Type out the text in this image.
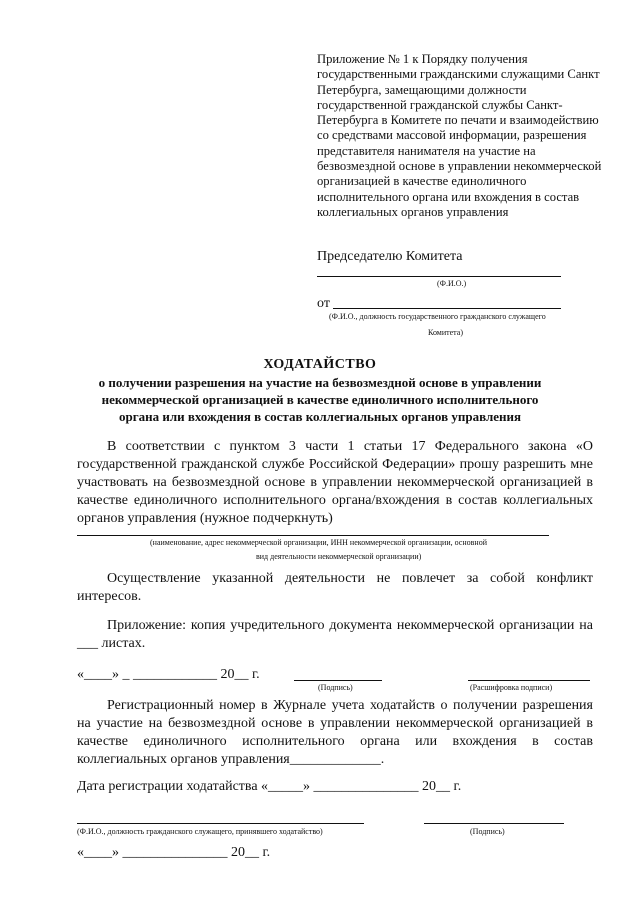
Приложение № 1 к Порядку получения государственными гражданскими служащими Санкт Петербурга, замещающими должности государственной гражданской службы Санкт-Петербурга в Комитете по печати и взаимодействию со средствами массовой информации, разрешения представителя нанимателя на участие на безвозмездной основе в управлении некоммерческой организацией в качестве единоличного исполнительного органа или вхождения в состав коллегиальных органов управления
Председателю Комитета
(Ф.И.О.)
от
(Ф.И.О., должность государственного гражданского служащего
Комитета)
ХОДАТАЙСТВО
о получении разрешения на участие на безвозмездной основе в управлении
некоммерческой организацией в качестве единоличного исполнительного
органа или вхождения в состав коллегиальных органов управления
В соответствии с пунктом 3 части 1 статьи 17 Федерального закона «О государственной гражданской службе Российской Федерации» прошу разрешить мне участвовать на безвозмездной основе в управлении некоммерческой организацией в качестве единоличного исполнительного органа/вхождения в состав коллегиальных органов управления (нужное подчеркнуть)
(наименование, адрес некоммерческой организации, ИНН некоммерческой организации, основной
вид деятельности некоммерческой организации)
Осуществление указанной деятельности не повлечет за собой конфликт интересов.
Приложение: копия учредительного документа некоммерческой организации на ___ листах.
«____» _ ____________ 20__ г.
(Подпись)	(Расшифровка подписи)
Регистрационный номер в Журнале учета ходатайств о получении разрешения на участие на безвозмездной основе в управлении некоммерческой организацией в качестве единоличного исполнительного органа или вхождения в состав коллегиальных органов управления_____________.
Дата регистрации ходатайства «_____» _______________ 20__ г.
(Ф.И.О., должность гражданского служащего, принявшего ходатайство)	(Подпись)
«____» _______________ 20__ г.
